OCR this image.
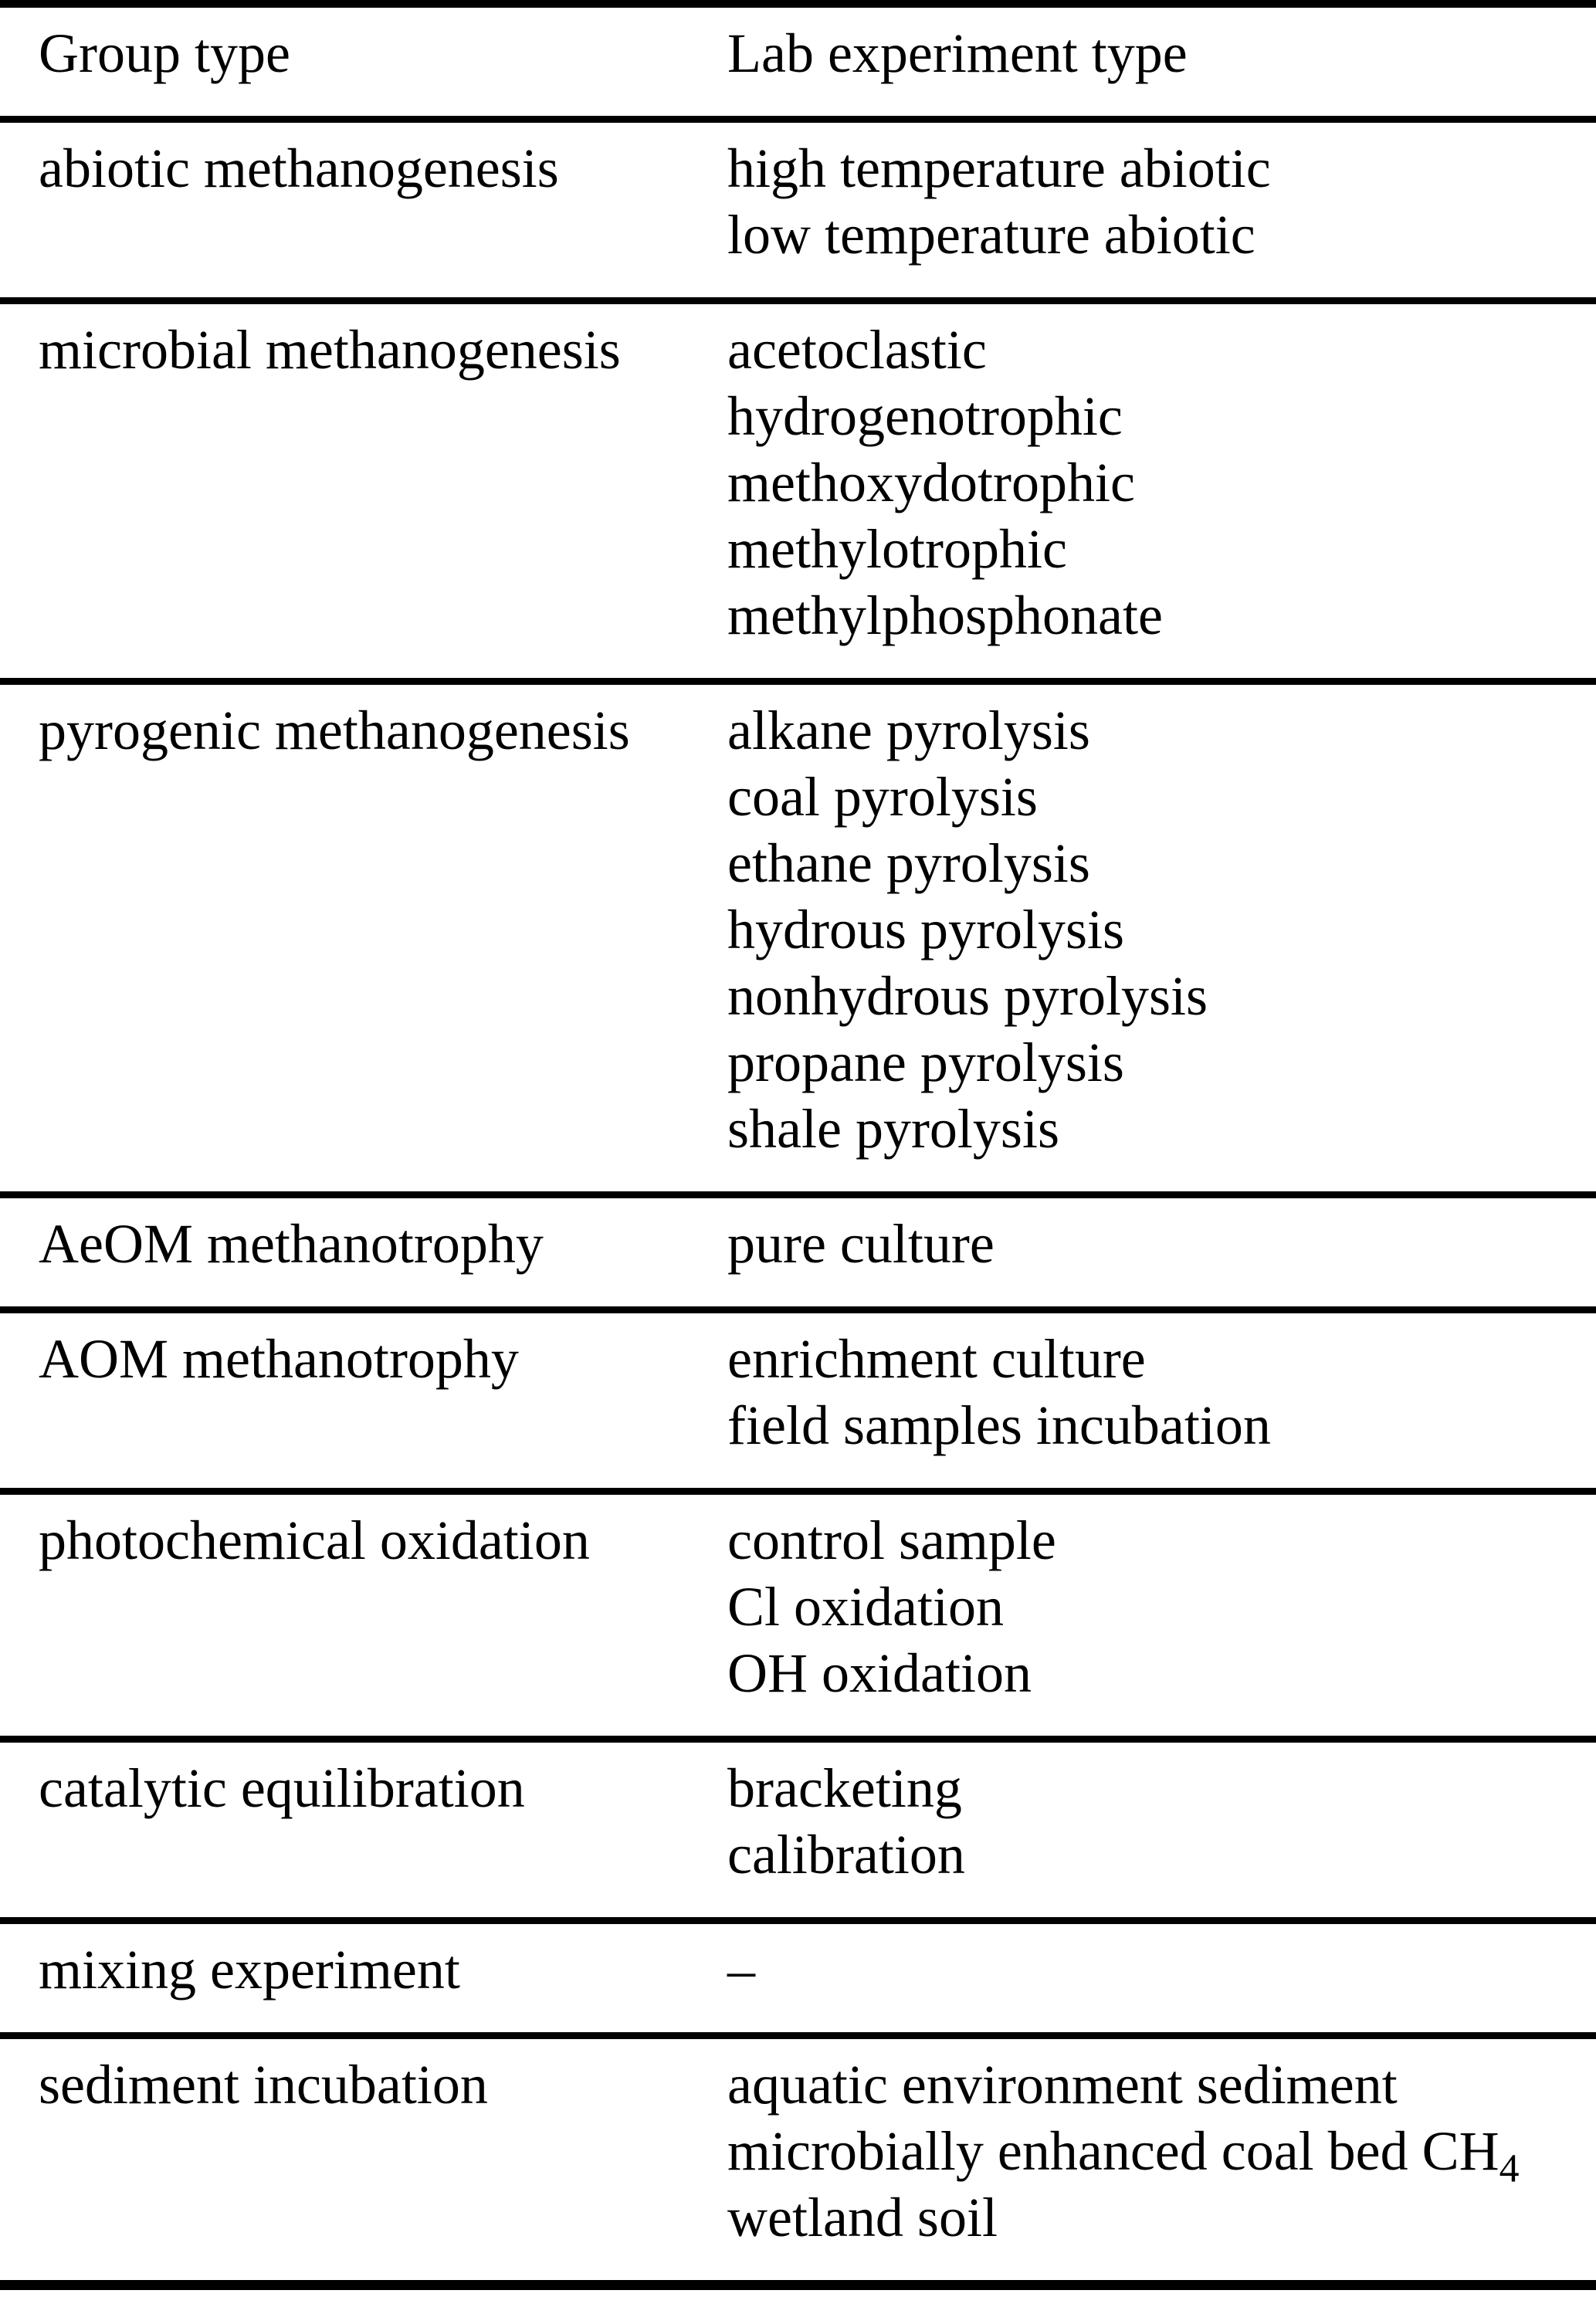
Group type	Lab experiment type
abiotic methanogenesis	high temperature abiotic
low temperature abiotic

microbial methanogenesis	acetoclastic
hydrogenotrophic
methoxydotrophic
methylotrophic
methylphosphonate

pyrogenic methanogenesis	alkane pyrolysis
coal pyrolysis
ethane pyrolysis
hydrous pyrolysis
nonhydrous pyrolysis
propane pyrolysis
shale pyrolysis

AeOM methanotrophy	pure culture

AOM methanotrophy	enrichment culture
field samples incubation

photochemical oxidation	control sample
Cl oxidation
OH oxidation

catalytic equilibration	bracketing
calibration

mixing experiment	–

sediment incubation	aquatic environment sediment
microbially enhanced coal bed $CH_4$
wetland soil
